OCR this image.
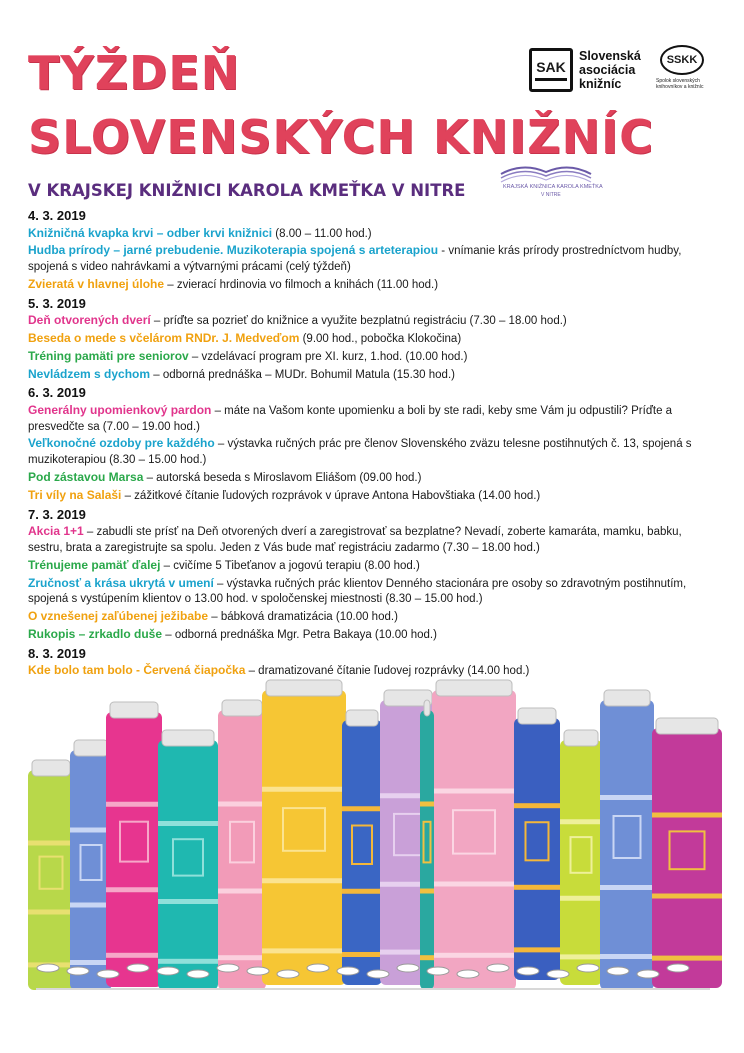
TÝŽDEŇ
SLOVENSKÝCH KNIŽNÍC
SAK
Slovenská
asociácia
knižníc
SSKK
Spolok slovenských
knihovníkov a knižníc
V KRAJSKEJ KNIŽNICI KAROLA KMEŤKA V NITRE	KRAJSKÁ KNIŽNICA KAROLA KMEŤKA
V NITRE
4. 3. 2019
Knižničná kvapka krvi – odber krvi knižnici (8.00 – 11.00 hod.)
Hudba prírody – jarné prebudenie. Muzikoterapia spojená s arteterapiou - vnímanie krás prírody prostredníctvom hudby, spojená s video nahrávkami a výtvarnými prácami (celý týždeň)
Zvieratá v hlavnej úlohe – zvierací hrdinovia vo filmoch a knihách (11.00 hod.)
5. 3. 2019
Deň otvorených dverí – príďte sa pozrieť do knižnice a využite bezplatnú registráciu (7.30 – 18.00 hod.)
Beseda o mede s včelárom RNDr. J. Medveďom (9.00 hod., pobočka Klokočina)
Tréning pamäti pre seniorov – vzdelávací program pre XI. kurz, 1.hod. (10.00 hod.)
Nevládzem s dychom – odborná prednáška – MUDr. Bohumil Matula (15.30 hod.)
6. 3. 2019
Generálny upomienkový pardon – máte na Vašom konte upomienku a boli by ste radi, keby sme Vám ju odpustili? Príďte a presvedčte sa (7.00 – 19.00 hod.)
Veľkonočné ozdoby pre každého – výstavka ručných prác pre členov Slovenského zväzu telesne postihnutých č. 13, spojená s muzikoterapiou (8.30 – 15.00 hod.)
Pod zástavou Marsa – autorská beseda s Miroslavom Eliášom (09.00 hod.)
Tri víly na Salaši – zážitkové čítanie ľudových rozprávok v úprave Antona Habovštiaka (14.00 hod.)
7. 3. 2019
Akcia 1+1 – zabudli ste prísť na Deň otvorených dverí a zaregistrovať sa bezplatne? Nevadí, zoberte kamaráta, mamku, babku, sestru, brata a zaregistrujte sa spolu. Jeden z Vás bude mať registráciu zadarmo (7.30 – 18.00 hod.)
Trénujeme pamäť ďalej – cvičíme 5 Tibeťanov a jogovú terapiu (8.00 hod.)
Zručnosť a krása ukrytá v umení – výstavka ručných prác klientov Denného stacionára pre osoby so zdravotným postihnutím, spojená s vystúpením klientov o 13.00 hod. v spoločenskej miestnosti (8.30 – 15.00 hod.)
O vznešenej zaľúbenej ježibabe – bábková dramatizácia (10.00 hod.)
Rukopis – zrkadlo duše – odborná prednáška Mgr. Petra Bakaya (10.00 hod.)
8. 3. 2019
Kde bolo tam bolo - Červená čiapočka – dramatizované čítanie ľudovej rozprávky (14.00 hod.)
